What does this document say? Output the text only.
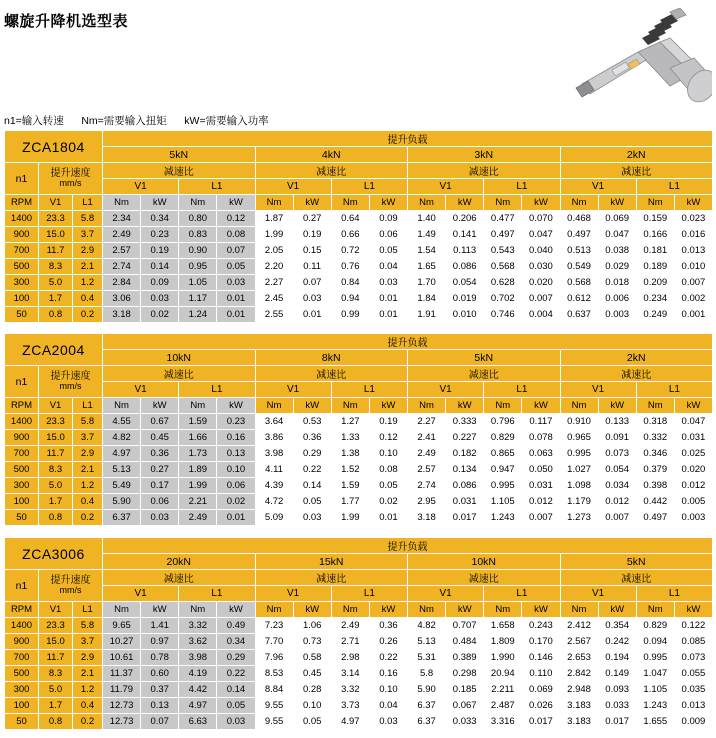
螺旋升降机选型表
n1=输入转速      Nm=需要输入扭矩      kW=需要输入功率
ZCA1804			提升负载															
			5kN				4kN				3kN				2kN			
n1	提升速度
mm/s		减速比				减速比				减速比				减速比			
			V1		L1		V1		L1		V1		L1		V1		L1	
RPM	V1	L1	Nm	kW	Nm	kW	Nm	kW	Nm	kW	Nm	kW	Nm	kW	Nm	kW	Nm	kW
1400	23.3	5.8	2.34	0.34	0.80	0.12	1.87	0.27	0.64	0.09	1.40	0.206	0.477	0.070	0.468	0.069	0.159	0.023
900	15.0	3.7	2.49	0.23	0.83	0.08	1.99	0.19	0.66	0.06	1.49	0.141	0.497	0.047	0.497	0.047	0.166	0.016
700	11.7	2.9	2.57	0.19	0.90	0.07	2.05	0.15	0.72	0.05	1.54	0.113	0.543	0.040	0.513	0.038	0.181	0.013
500	8.3	2.1	2.74	0.14	0.95	0.05	2.20	0.11	0.76	0.04	1.65	0.086	0.568	0.030	0.549	0.029	0.189	0.010
300	5.0	1.2	2.84	0.09	1.05	0.03	2.27	0.07	0.84	0.03	1.70	0.054	0.628	0.020	0.568	0.018	0.209	0.007
100	1.7	0.4	3.06	0.03	1.17	0.01	2.45	0.03	0.94	0.01	1.84	0.019	0.702	0.007	0.612	0.006	0.234	0.002
50	0.8	0.2	3.18	0.02	1.24	0.01	2.55	0.01	0.99	0.01	1.91	0.010	0.746	0.004	0.637	0.003	0.249	0.001
ZCA2004			提升负载															
			10kN				8kN				5kN				2kN			
n1	提升速度
mm/s		减速比				减速比				减速比				减速比			
			V1		L1		V1		L1		V1		L1		V1		L1	
RPM	V1	L1	Nm	kW	Nm	kW	Nm	kW	Nm	kW	Nm	kW	Nm	kW	Nm	kW	Nm	kW
1400	23.3	5.8	4.55	0.67	1.59	0.23	3.64	0.53	1.27	0.19	2.27	0.333	0.796	0.117	0.910	0.133	0.318	0.047
900	15.0	3.7	4.82	0.45	1.66	0.16	3.86	0.36	1.33	0.12	2.41	0.227	0.829	0.078	0.965	0.091	0.332	0.031
700	11.7	2.9	4.97	0.36	1.73	0.13	3.98	0.29	1.38	0.10	2.49	0.182	0.865	0.063	0.995	0.073	0.346	0.025
500	8.3	2.1	5.13	0.27	1.89	0.10	4.11	0.22	1.52	0.08	2.57	0.134	0.947	0.050	1.027	0.054	0.379	0.020
300	5.0	1.2	5.49	0.17	1.99	0.06	4.39	0.14	1.59	0.05	2.74	0.086	0.995	0.031	1.098	0.034	0.398	0.012
100	1.7	0.4	5.90	0.06	2.21	0.02	4.72	0.05	1.77	0.02	2.95	0.031	1.105	0.012	1.179	0.012	0.442	0.005
50	0.8	0.2	6.37	0.03	2.49	0.01	5.09	0.03	1.99	0.01	3.18	0.017	1.243	0.007	1.273	0.007	0.497	0.003
ZCA3006			提升负载															
			20kN				15kN				10kN				5kN			
n1	提升速度
mm/s		减速比				减速比				减速比				减速比			
			V1		L1		V1		L1		V1		L1		V1		L1	
RPM	V1	L1	Nm	kW	Nm	kW	Nm	kW	Nm	kW	Nm	kW	Nm	kW	Nm	kW	Nm	kW
1400	23.3	5.8	9.65	1.41	3.32	0.49	7.23	1.06	2.49	0.36	4.82	0.707	1.658	0.243	2.412	0.354	0.829	0.122
900	15.0	3.7	10.27	0.97	3.62	0.34	7.70	0.73	2.71	0.26	5.13	0.484	1.809	0.170	2.567	0.242	0.094	0.085
700	11.7	2.9	10.61	0.78	3.98	0.29	7.96	0.58	2.98	0.22	5.31	0.389	1.990	0.146	2.653	0.194	0.995	0.073
500	8.3	2.1	11.37	0.60	4.19	0.22	8.53	0.45	3.14	0.16	5.8	0.298	20.94	0.110	2.842	0.149	1.047	0.055
300	5.0	1.2	11.79	0.37	4.42	0.14	8.84	0.28	3.32	0.10	5.90	0.185	2.211	0.069	2.948	0.093	1.105	0.035
100	1.7	0.4	12.73	0.13	4.97	0.05	9.55	0.10	3.73	0.04	6.37	0.067	2.487	0.026	3.183	0.033	1.243	0.013
50	0.8	0.2	12.73	0.07	6.63	0.03	9.55	0.05	4.97	0.03	6.37	0.033	3.316	0.017	3.183	0.017	1.655	0.009
